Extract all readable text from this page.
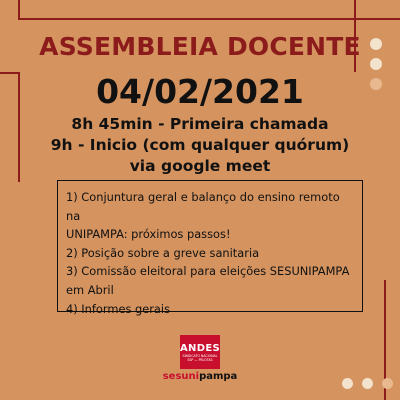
ASSEMBLEIA DOCENTE
04/02/2021
8h 45min - Primeira chamada
9h - Inicio (com qualquer quórum)
via google meet
1) Conjuntura geral e balanço do ensino remoto na
UNIPAMPA: próximos passos!
2) Posição sobre a greve sanitaria
3) Comissão eleitoral para eleições SESUNIPAMPA
em Abril
4) Informes gerais
ANDES
SINDICATO NACIONAL
SSP — PELOTAS
sesunipampa
